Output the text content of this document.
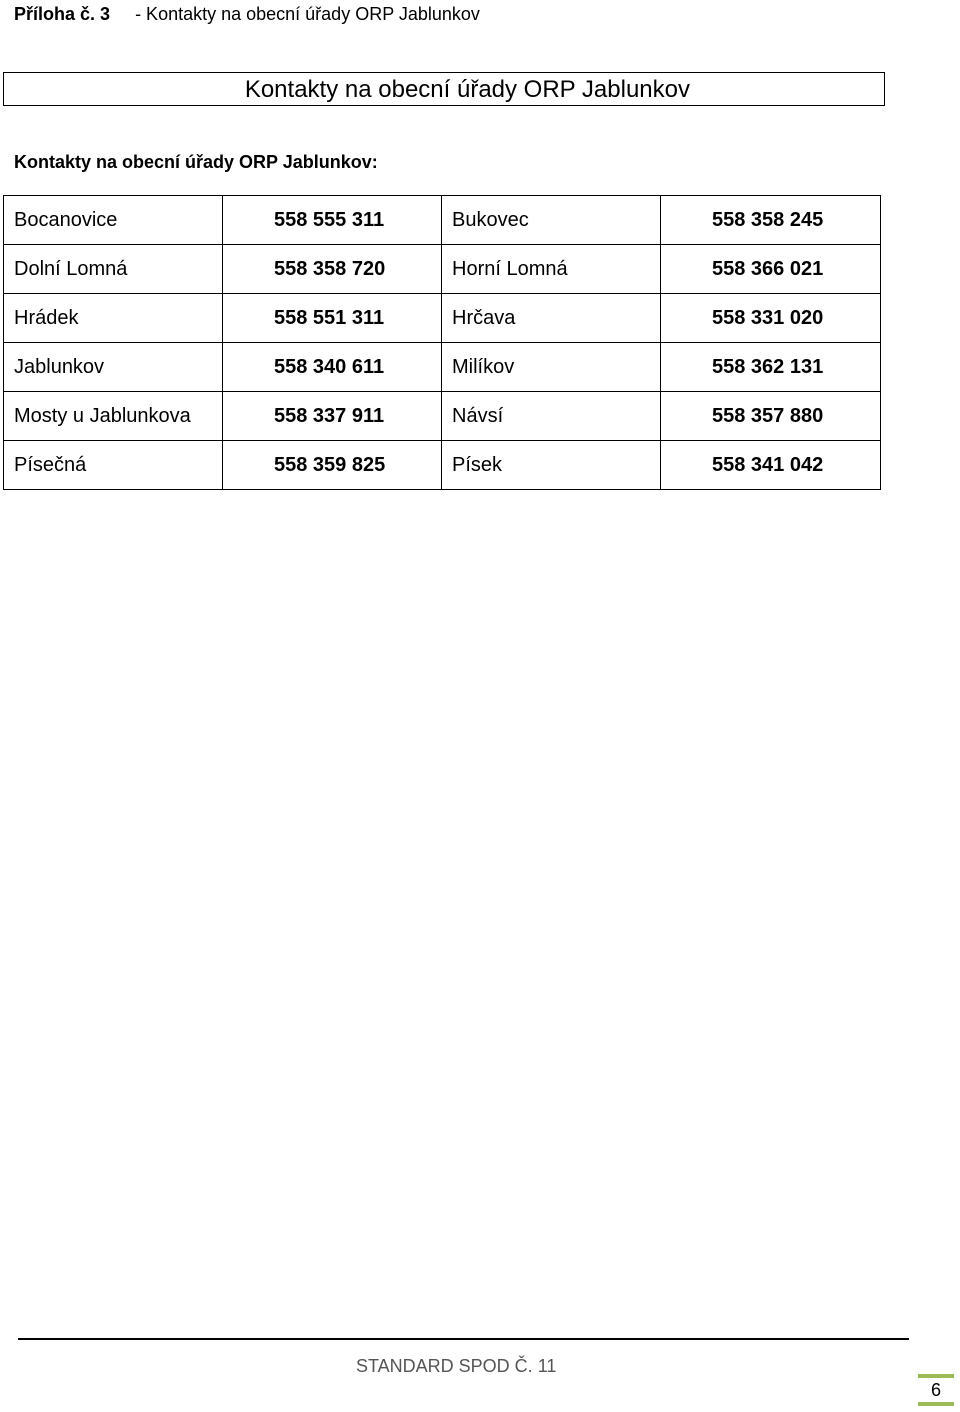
Příloha č. 3 - Kontakty na obecní úřady ORP Jablunkov
Kontakty na obecní úřady ORP Jablunkov
Kontakty na obecní úřady ORP Jablunkov:
Bocanovice	558 555 311	Bukovec	558 358 245
Dolní Lomná	558 358 720	Horní Lomná	558 366 021
Hrádek	558 551 311	Hrčava	558 331 020
Jablunkov	558 340 611	Milíkov	558 362 131
Mosty u Jablunkova	558 337 911	Návsí	558 357 880
Písečná	558 359 825	Písek	558 341 042
STANDARD SPOD Č. 11
6
